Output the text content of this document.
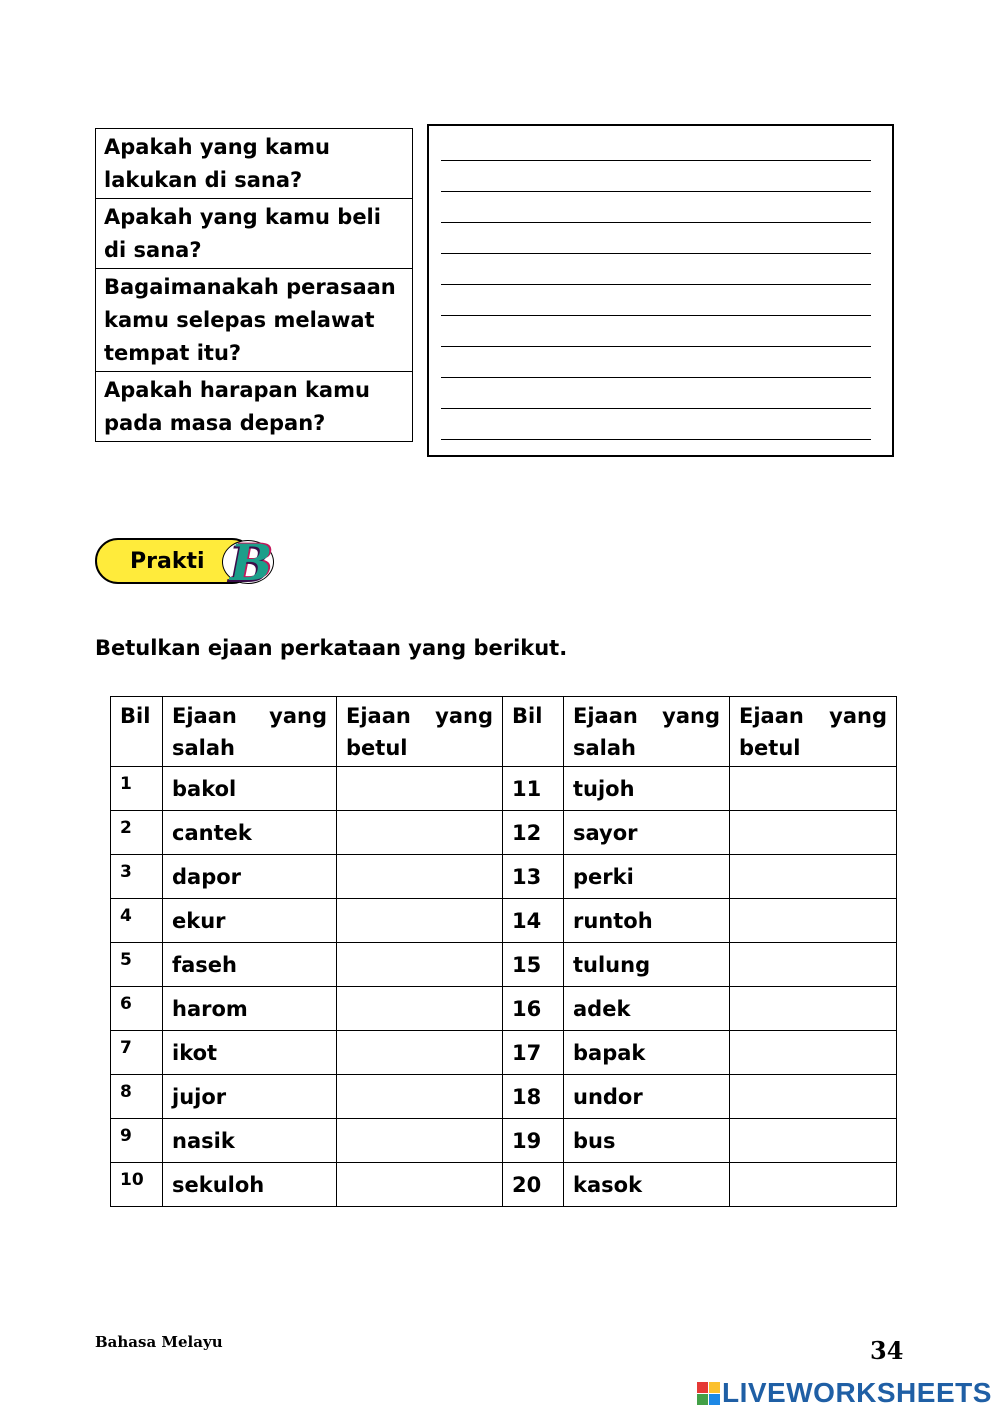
Apakah yang kamu lakukan di sana?
Apakah yang kamu beli di sana?
Bagaimanakah perasaan kamu selepas melawat tempat itu?
Apakah harapan kamu pada masa depan?
Prakti B
Betulkan ejaan perkataan yang berikut.
Bil	Ejaan yang salah	Ejaan yang betul	Bil	Ejaan yang salah	Ejaan yang betul
1	bakol		11	tujoh	
2	cantek		12	sayor	
3	dapor		13	perki	
4	ekur		14	runtoh	
5	faseh		15	tulung	
6	harom		16	adek	
7	ikot		17	bapak	
8	jujor		18	undor	
9	nasik		19	bus	
10	sekuloh		20	kasok	
Bahasa Melayu	34
LIVEWORKSHEETS
